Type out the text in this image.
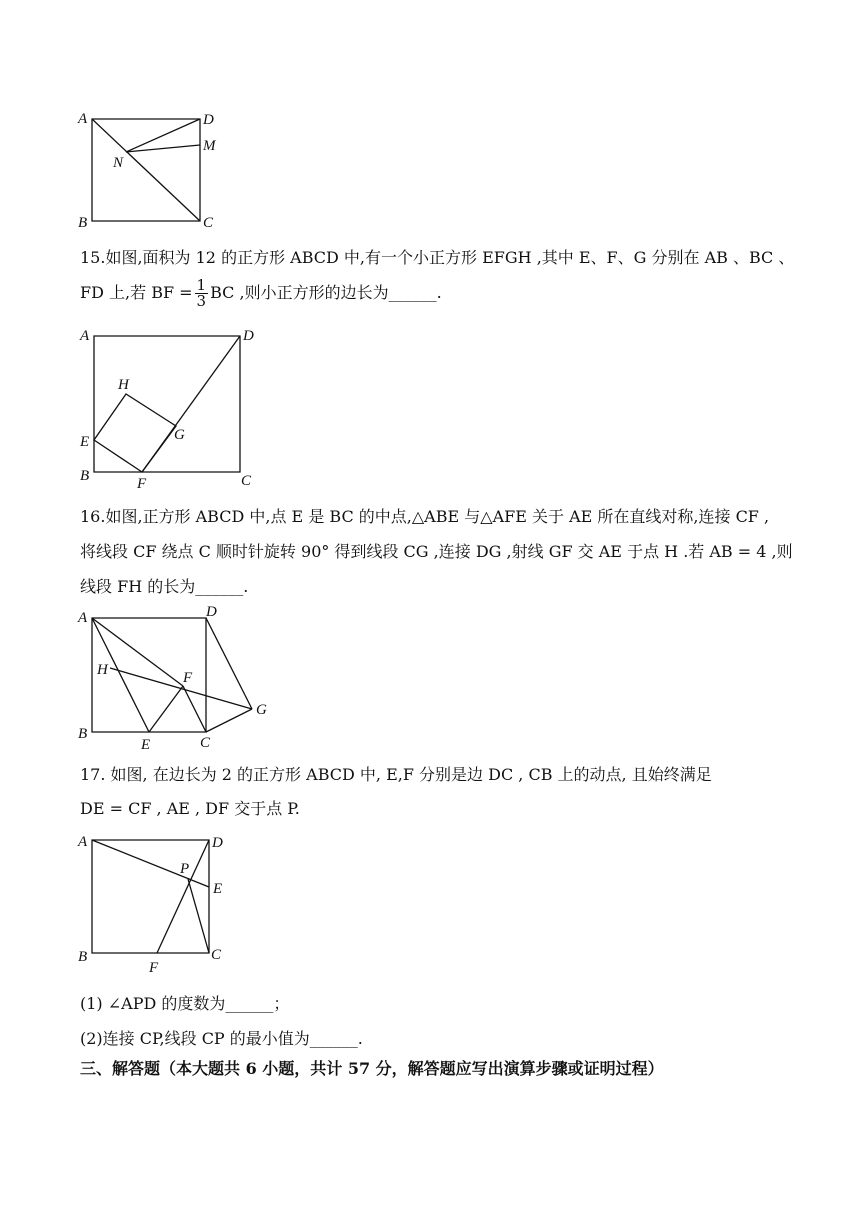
A	D
M
N
B	C
15.如图,面积为 12 的正方形 ABCD 中,有一个小正方形 EFGH ,其中 E、F、G 分别在 AB 、BC 、
FD 上,若 BF = $\frac{1}{3}$ BC ,则小正方形的边长为______.
A	D
H
G
E
B	F	C
16.如图,正方形 ABCD 中,点 E 是 BC 的中点,△ABE 与△AFE 关于 AE 所在直线对称,连接 CF ,
将线段 CF 绕点 C 顺时针旋转 90° 得到线段 CG ,连接 DG ,射线 GF 交 AE 于点 H .若 AB = 4 ,则
线段 FH 的长为______.
A	D
H	F
G
B
E	C
17. 如图, 在边长为 2 的正方形 ABCD 中, E,F 分别是边 DC , CB 上的动点, 且始终满足
DE = CF , AE , DF 交于点 P.
A	D
P
E
B
F
C
(1) ∠APD 的度数为______；
(2)连接 CP,线段 CP 的最小值为______.
三、解答题（本大题共 6 小题，共计 57 分，解答题应写出演算步骤或证明过程）
